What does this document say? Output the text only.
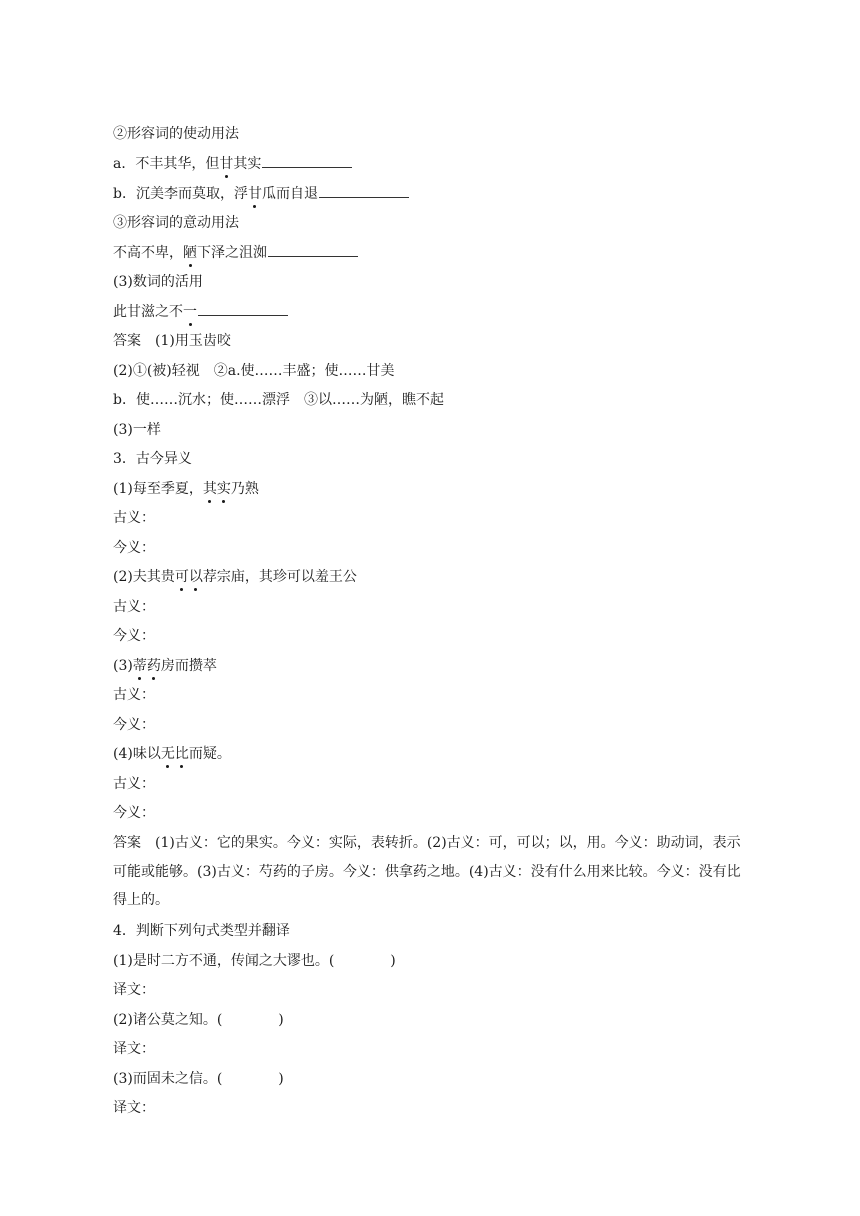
②形容词的使动用法
a．不丰其华，但甘其实
b．沉美李而莫取，浮甘瓜而自退
③形容词的意动用法
不高不卑，陋下泽之沮洳
(3)数词的活用
此甘滋之不一
答案　(1)用玉齿咬
(2)①(被)轻视　②a.使……丰盛；使……甘美
b．使……沉水；使……漂浮　③以……为陋，瞧不起
(3)一样
3．古今异义
(1)每至季夏，其实乃熟
古义：
今义：
(2)夫其贵可以荐宗庙，其珍可以羞王公
古义：
今义：
(3)蒂药房而攒萃
古义：
今义：
(4)味以无比而疑。
古义：
今义：
答案　(1)古义：它的果实。今义：实际，表转折。(2)古义：可，可以；以，用。今义：助动词，表示可能或能够。(3)古义：芍药的子房。今义：供拿药之地。(4)古义：没有什么用来比较。今义：没有比得上的。
4．判断下列句式类型并翻译
(1)是时二方不通，传闻之大谬也。(	)
译文：
(2)诸公莫之知。(	)
译文：
(3)而固未之信。(	)
译文：
